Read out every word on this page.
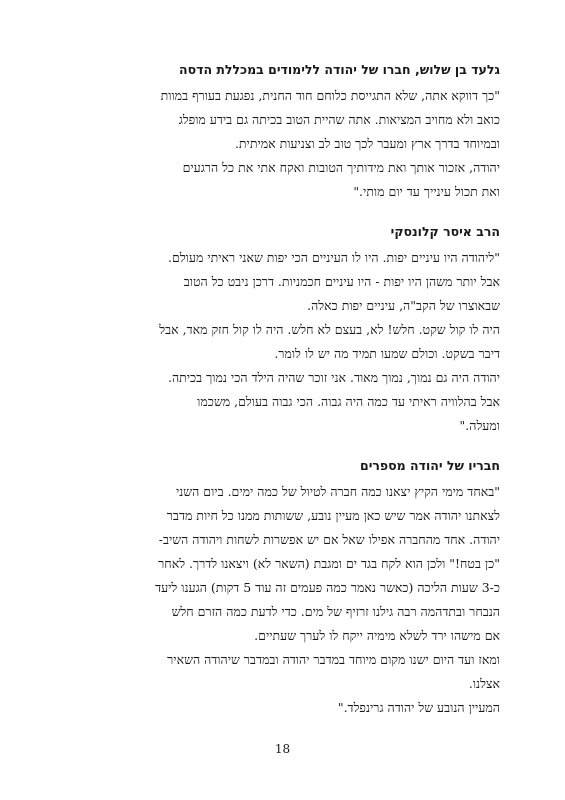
גלעד בן שלוש, חברו של יהודה ללימודים במכללת הדסה

"כך דווקא אתה, שלא התגייסת כלוחם חוד החנית, נפגעת בעורף במוות

כואב ולא מחויב המציאות. אתה שהיית הטוב בכיתה גם בידע מופלג

ובמיוחד בדרך ארץ ומעבר לכך טוב לב וצניעות אמיתית.

יהודה, אזכור אותך ואת מידותיך הטובות ואקח אתי את כל הרגעים

ואת תכול עינייך עד יום מותי."

הרב איסר קלונסקי

"ליהודה היו עיניים יפות. היו לו העיניים הכי יפות שאני ראיתי מעולם.

אבל יותר משהן היו יפות - היו עיניים חכמניות. דרכן ניבט כל הטוב

שבאוצרו של הקב"ה, עיניים יפות כאלה.

היה לו קול שקט. חלש! לא, בעצם לא חלש. היה לו קול חזק מאד, אבל

דיבר בשקט. וכולם שמעו תמיד מה יש לו לומר.

יהודה היה גם נמוך, נמוך מאוד. אני זוכר שהיה הילד הכי נמוך בכיתה.

אבל בהלוויה ראיתי עד כמה היה גבוה. הכי גבוה בעולם, משכמו

ומעלה."

חבריו של יהודה מספרים

"באחד מימי הקיץ יצאנו כמה חברה לטיול של כמה ימים. ביום השני

לצאתנו יהודה אמר שיש כאן מעיין נובע, ששותות ממנו כל חיות מדבר

יהודה. אחד מהחברה אפילו שאל אם יש אפשרות לשחות ויהודה השיב-

"כן בטח!" ולכן הוא לקח בגד ים ומגבת (השאר לא) ויצאנו לדרך. לאחר

כ-3 שעות הליכה (כאשר נאמר כמה פעמים זה עוד 5 דקות) הגענו ליעד

הנבחר ובתדהמה רבה גילנו זרזיף של מים. כדי לדעת כמה הזרם חלש

אם מישהו ירד לשלא מימיה ייקח לו לערך שעתיים.

ומאז ועד היום ישנו מקום מיוחד במדבר יהודה ובמדבר שיהודה השאיר

אצלנו.

המעיין הנובע של יהודה גרינפלד."

18
